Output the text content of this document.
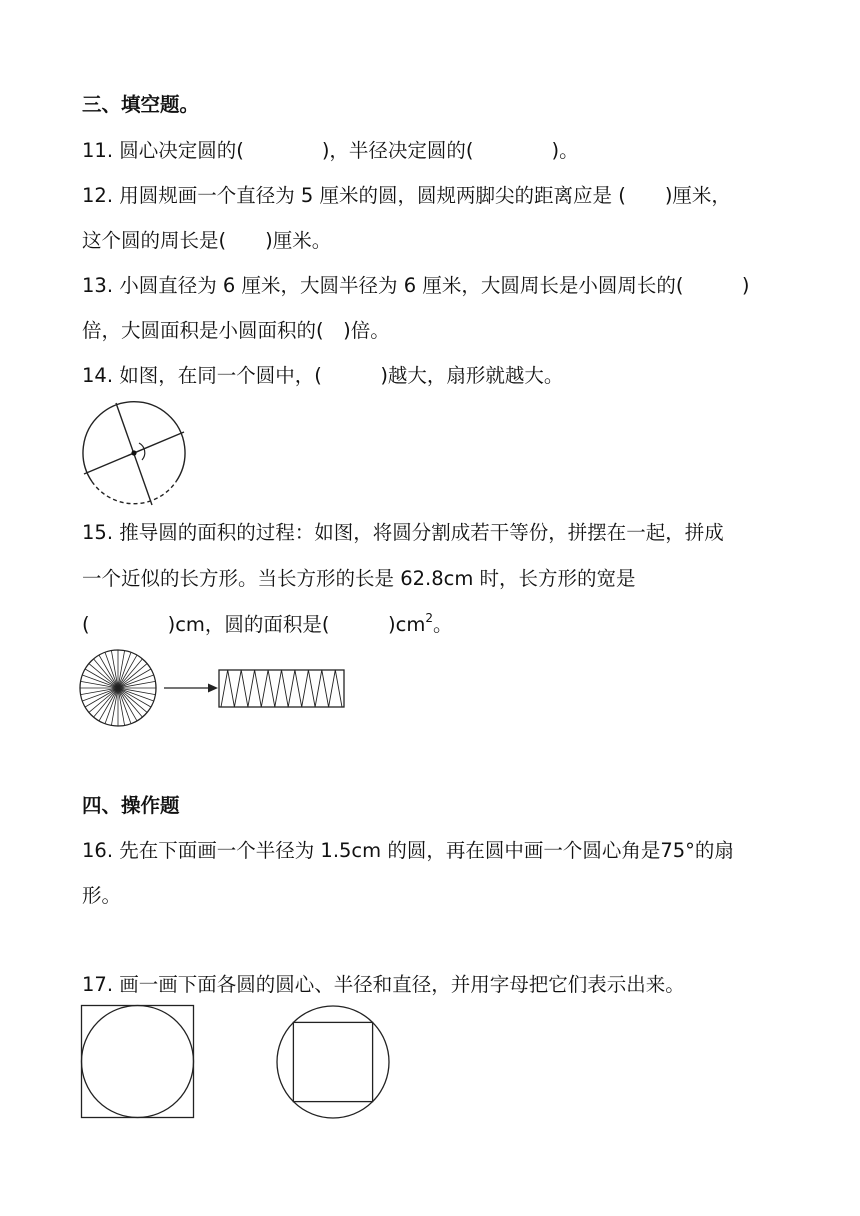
三、填空题。

11. 圆心决定圆的(　　　　)，半径决定圆的(　　　　)。

12. 用圆规画一个直径为 5 厘米的圆，圆规两脚尖的距离应是 (　　)厘米，

这个圆的周长是(　　)厘米。

13. 小圆直径为 6 厘米，大圆半径为 6 厘米，大圆周长是小圆周长的(　　　)

倍，大圆面积是小圆面积的(　)倍。

14. 如图，在同一个圆中，(　　　)越大，扇形就越大。

15. 推导圆的面积的过程：如图，将圆分割成若干等份，拼摆在一起，拼成

一个近似的长方形。当长方形的长是 62.8cm 时，长方形的宽是

(　　　　)cm，圆的面积是(　　　)$cm^2$。

四、操作题

16. 先在下面画一个半径为 1.5cm 的圆，再在圆中画一个圆心角是75°的扇

形。

17. 画一画下面各圆的圆心、半径和直径，并用字母把它们表示出来。
